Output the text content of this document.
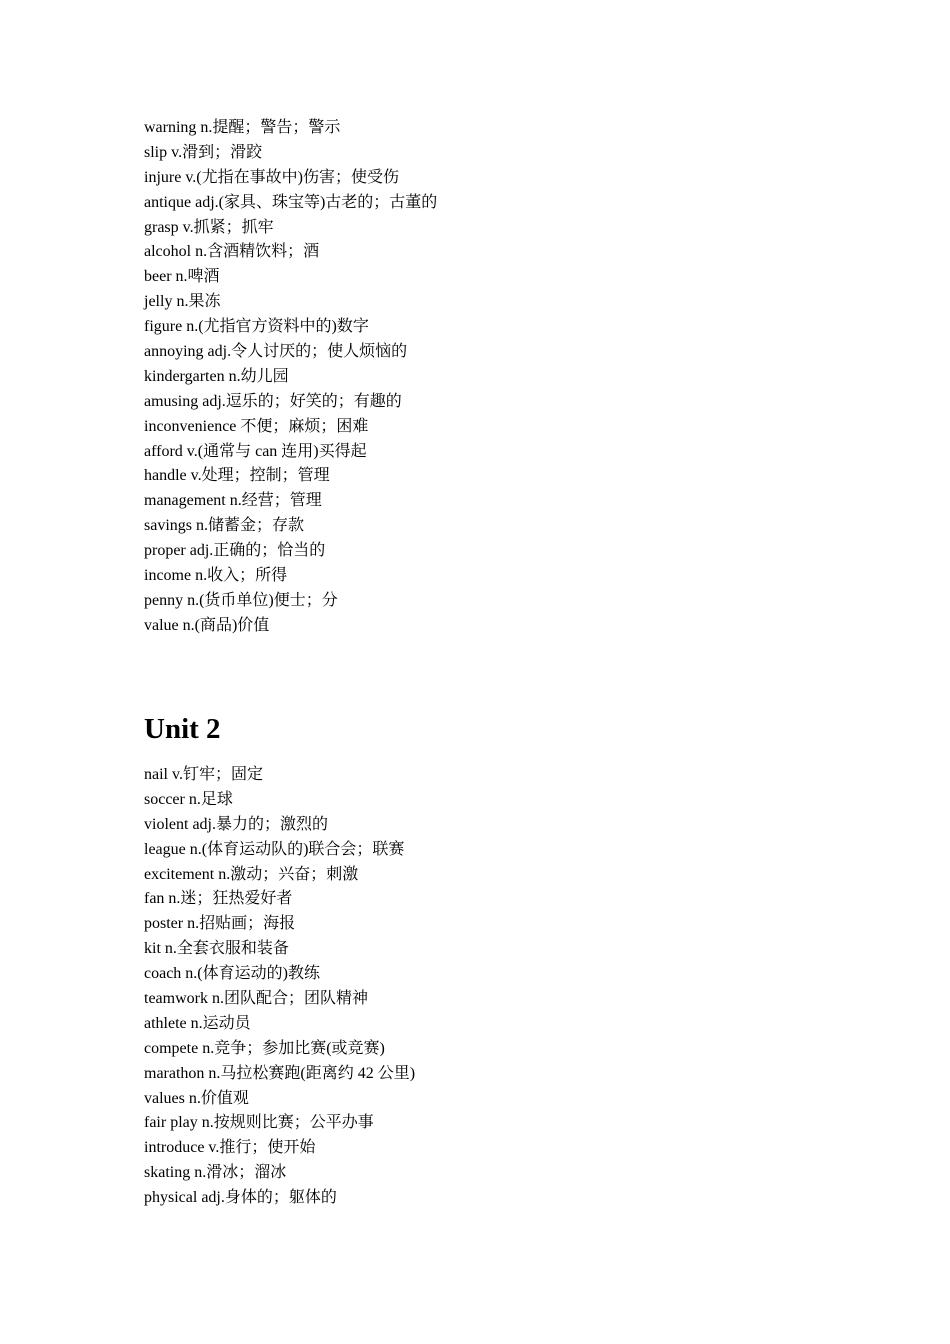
warning n.提醒；警告；警示
slip v.滑到；滑跤
injure v.(尤指在事故中)伤害；使受伤
antique adj.(家具、珠宝等)古老的；古董的
grasp v.抓紧；抓牢
alcohol n.含酒精饮料；酒
beer n.啤酒
jelly n.果冻
figure n.(尤指官方资料中的)数字
annoying adj.令人讨厌的；使人烦恼的
kindergarten n.幼儿园
amusing adj.逗乐的；好笑的；有趣的
inconvenience 不便；麻烦；困难
afford v.(通常与 can 连用)买得起
handle v.处理；控制；管理
management n.经营；管理
savings n.储蓄金；存款
proper adj.正确的；恰当的
income n.收入；所得
penny n.(货币单位)便士；分
value n.(商品)价值
Unit 2
nail v.钉牢；固定
soccer n.足球
violent adj.暴力的；激烈的
league n.(体育运动队的)联合会；联赛
excitement n.激动；兴奋；刺激
fan n.迷；狂热爱好者
poster n.招贴画；海报
kit n.全套衣服和装备
coach n.(体育运动的)教练
teamwork n.团队配合；团队精神
athlete n.运动员
compete n.竞争；参加比赛(或竞赛)
marathon n.马拉松赛跑(距离约 42 公里)
values n.价值观
fair play n.按规则比赛；公平办事
introduce v.推行；使开始
skating n.滑冰；溜冰
physical adj.身体的；躯体的
